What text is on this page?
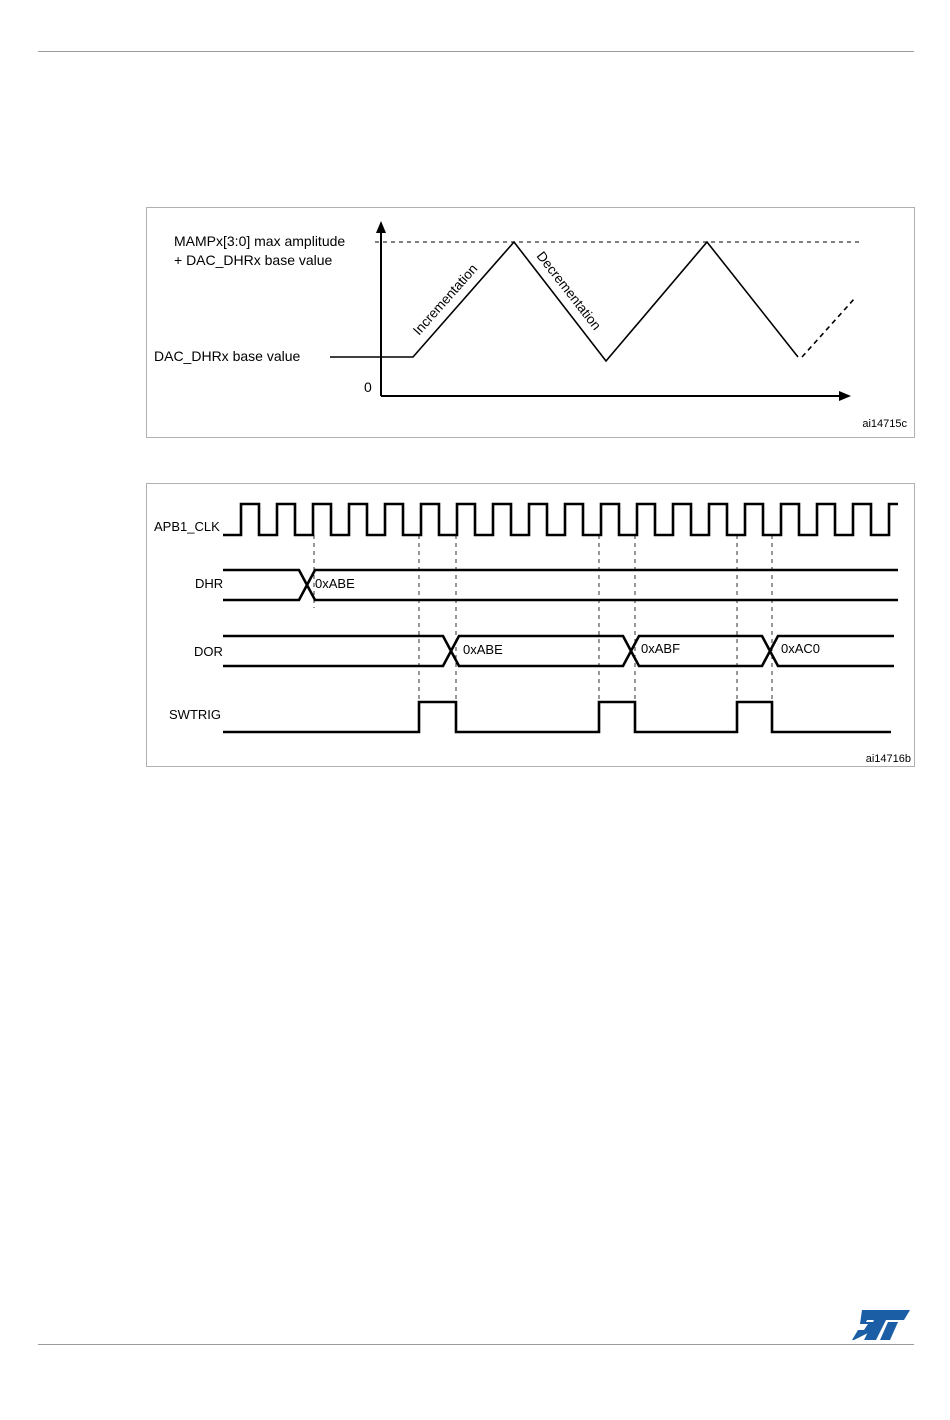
MAMPx[3:0] max amplitude
+ DAC_DHRx base value
DAC_DHRx base value
0
Incrementation	Decrementation
ai14715c
APB1_CLK
DHR
DOR
SWTRIG
0xABE
0xABE	0xABF	0xAC0
ai14716b
